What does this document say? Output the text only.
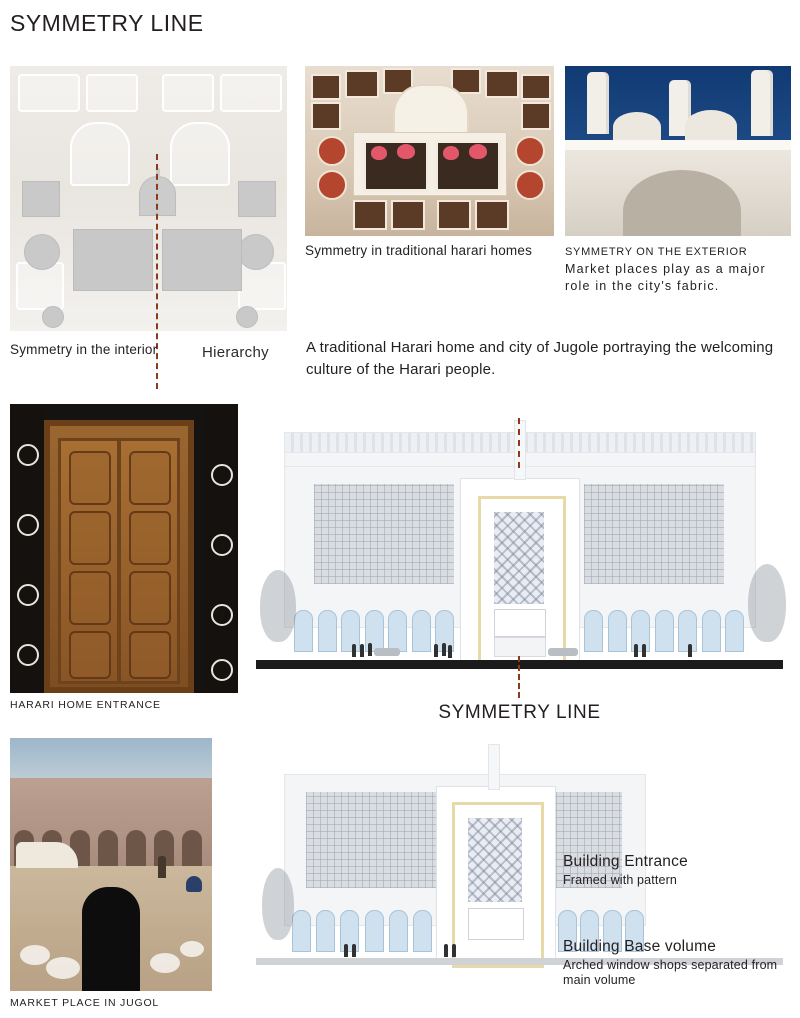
SYMMETRY LINE
Hierarchy
Symmetry in the interior
Symmetry in traditional harari homes	SYMMETRY ON THE EXTERIOR
Market places play as a major role in the city's fabric.
A traditional Harari home and city of Jugole portraying the welcoming culture of the Harari people.
HARARI HOME ENTRANCE	SYMMETRY LINE
MARKET PLACE IN JUGOL
Building Entrance
Framed with pattern
Building Base volume
Arched window shops separated from main volume
